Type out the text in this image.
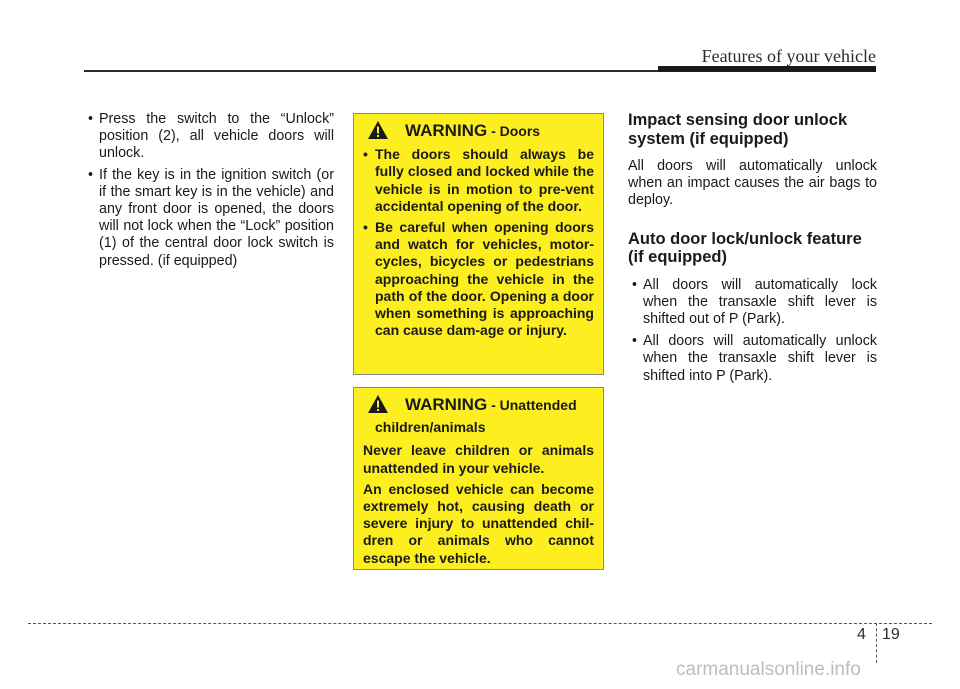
Features of your vehicle

• Press the switch to the “Unlock” position (2), all vehicle doors will unlock.

• If the key is in the ignition switch (or if the smart key is in the vehicle) and any front door is opened, the doors will not lock when the “Lock” position (1) of the central door lock switch is pressed. (if equipped)

WARNING - Doors

• The doors should always be fully closed and locked while the vehicle is in motion to pre-vent accidental opening of the door.

• Be careful when opening doors and watch for vehicles, motor-cycles, bicycles or pedestrians approaching the vehicle in the path of the door. Opening a door when something is approaching can cause dam-age or injury.

WARNING - Unattended
children/animals

Never leave children or animals unattended in your vehicle.

An enclosed vehicle can become extremely hot, causing death or severe injury to unattended chil-dren or animals who cannot escape the vehicle.

Impact sensing door unlock system (if equipped)

All doors will automatically unlock when an impact causes the air bags to deploy.

Auto door lock/unlock feature (if equipped)

• All doors will automatically lock when the transaxle shift lever is shifted out of P (Park).

• All doors will automatically unlock when the transaxle shift lever is shifted into P (Park).

4 19
carmanualsonline.info
